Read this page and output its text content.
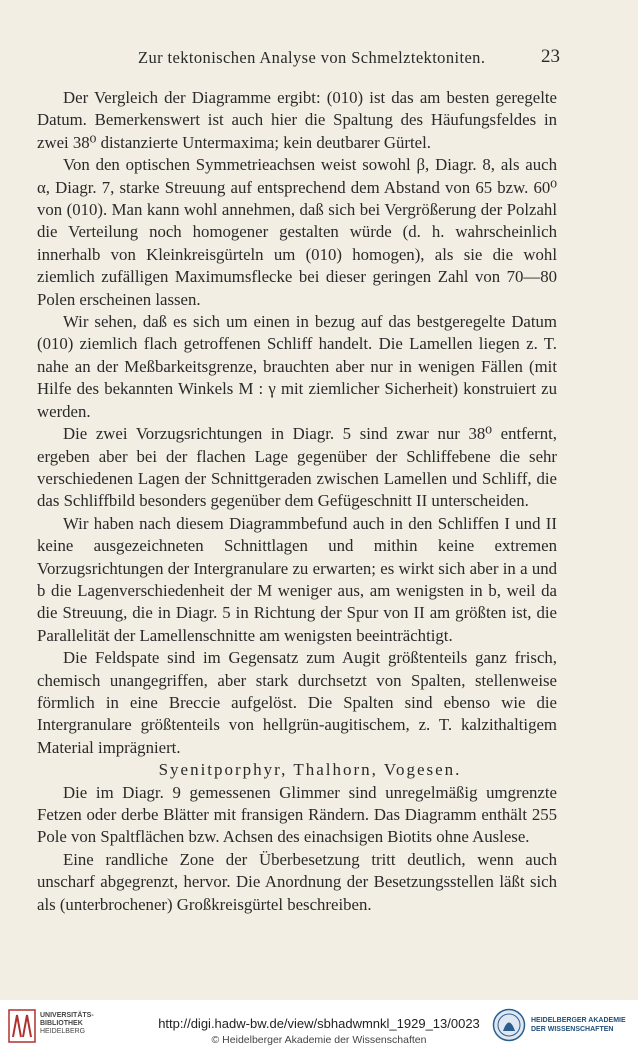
Zur tektonischen Analyse von Schmelztektoniten.	23

Der Vergleich der Diagramme ergibt: (010) ist das am besten geregelte Datum. Bemerkenswert ist auch hier die Spaltung des Häufungsfeldes in zwei 38⁰ distanzierte Untermaxima; kein deutbarer Gürtel.

Von den optischen Symmetrieachsen weist sowohl β, Diagr. 8, als auch α, Diagr. 7, starke Streuung auf entsprechend dem Abstand von 65 bzw. 60⁰ von (010). Man kann wohl annehmen, daß sich bei Vergrößerung der Polzahl die Verteilung noch homogener gestalten würde (d. h. wahrscheinlich innerhalb von Kleinkreisgürteln um (010) homogen), als sie die wohl ziemlich zufälligen Maximumsflecke bei dieser geringen Zahl von 70—80 Polen erscheinen lassen.

Wir sehen, daß es sich um einen in bezug auf das bestgeregelte Datum (010) ziemlich flach getroffenen Schliff handelt. Die Lamellen liegen z. T. nahe an der Meßbarkeitsgrenze, brauchten aber nur in wenigen Fällen (mit Hilfe des bekannten Winkels M : γ mit ziemlicher Sicherheit) konstruiert zu werden.

Die zwei Vorzugsrichtungen in Diagr. 5 sind zwar nur 38⁰ entfernt, ergeben aber bei der flachen Lage gegenüber der Schliffebene die sehr verschiedenen Lagen der Schnittgeraden zwischen Lamellen und Schliff, die das Schliffbild besonders gegenüber dem Gefügeschnitt II unterscheiden.

Wir haben nach diesem Diagrammbefund auch in den Schliffen I und II keine ausgezeichneten Schnittlagen und mithin keine extremen Vorzugsrichtungen der Intergranulare zu erwarten; es wirkt sich aber in a und b die Lagenverschiedenheit der M weniger aus, am wenigsten in b, weil da die Streuung, die in Diagr. 5 in Richtung der Spur von II am größten ist, die Parallelität der Lamellenschnitte am wenigsten beeinträchtigt.

Die Feldspate sind im Gegensatz zum Augit größtenteils ganz frisch, chemisch unangegriffen, aber stark durchsetzt von Spalten, stellenweise förmlich in eine Breccie aufgelöst. Die Spalten sind ebenso wie die Intergranulare größtenteils von hellgrün-augitischem, z. T. kalzithaltigem Material imprägniert.

Syenitporphyr, Thalhorn, Vogesen.

Die im Diagr. 9 gemessenen Glimmer sind unregelmäßig umgrenzte Fetzen oder derbe Blätter mit fransigen Rändern. Das Diagramm enthält 255 Pole von Spaltflächen bzw. Achsen des einachsigen Biotits ohne Auslese.

Eine randliche Zone der Überbesetzung tritt deutlich, wenn auch unscharf abgegrenzt, hervor. Die Anordnung der Besetzungsstellen läßt sich als (unterbrochener) Großkreisgürtel beschreiben.

UNIVERSITÄTS-
BIBLIOTHEK
HEIDELBERG
http://digi.hadw-bw.de/view/sbhadwmnkl_1929_13/0023
© Heidelberger Akademie der Wissenschaften
HEIDELBERGER AKADEMIE
DER WISSENSCHAFTEN
